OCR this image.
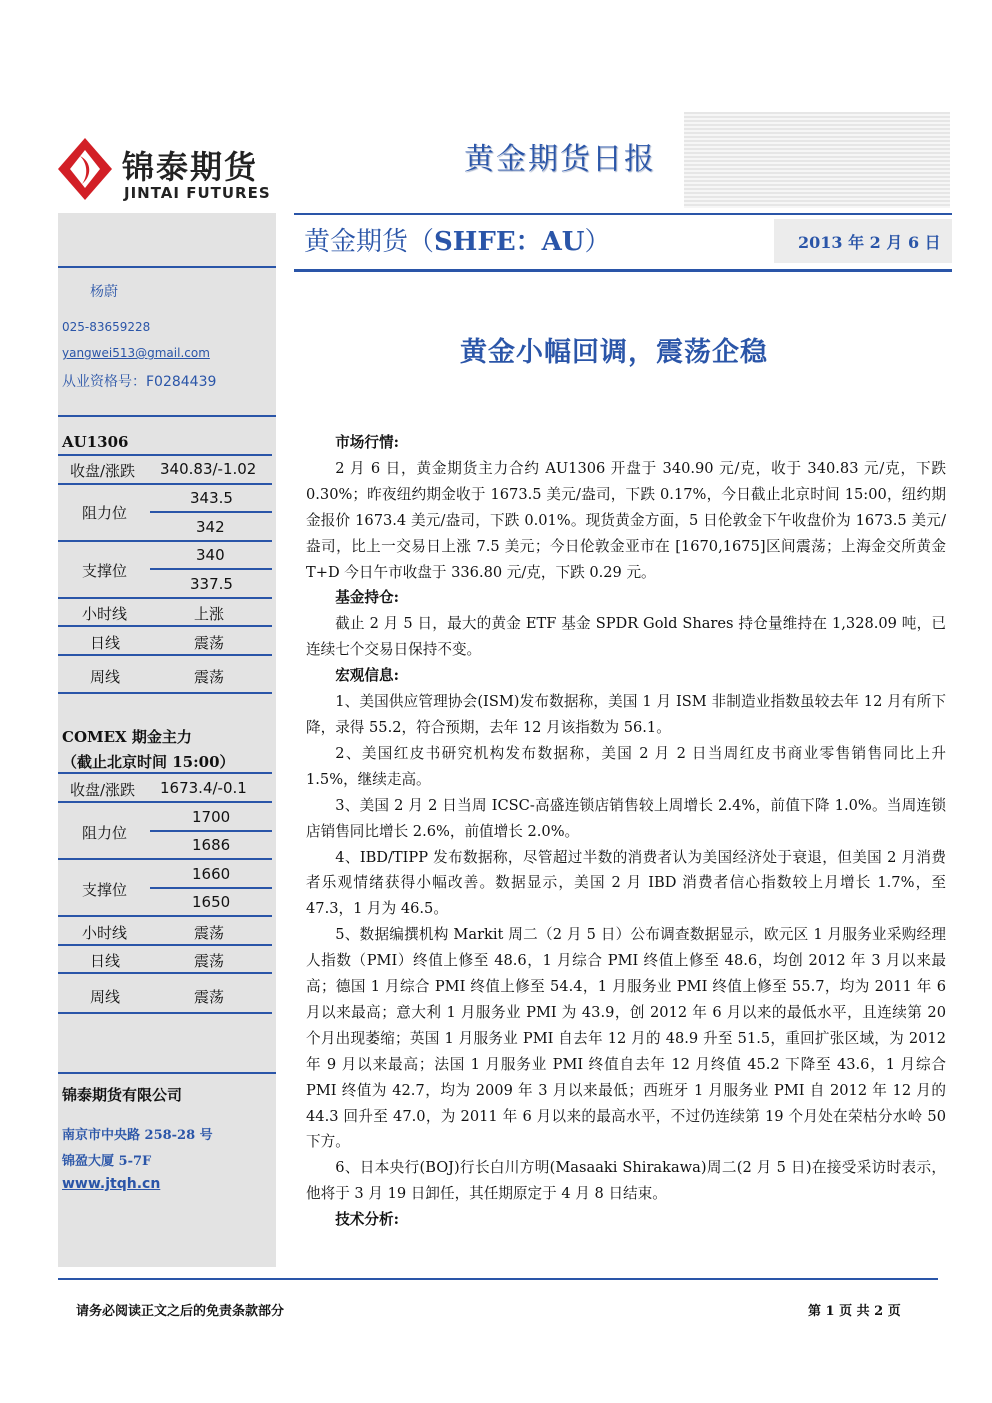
锦泰期货
JINTAI FUTURES
黄金期货日报
杨蔚
025-83659228
yangwei513@gmail.com
从业资格号：F0284439
黄金期货（SHFE：AU）	2013 年 2 月 6 日
黄金小幅回调，震荡企稳
AU1306
收盘/涨跌 340.83/-1.02
阻力位
343.5
342
支撑位
340
337.5
小时线	上涨
日线	震荡
周线	震荡
COMEX 期金主力
（截止北京时间 15:00）
收盘/涨跌 1673.4/-0.1
阻力位
1700
1686
支撑位
1660
1650
小时线	震荡
日线	震荡
周线	震荡
锦泰期货有限公司
南京市中央路 258-28 号
锦盈大厦 5-7F
www.jtqh.cn

市场行情:

2 月 6 日，黄金期货主力合约 AU1306 开盘于 340.90 元/克，收于 340.83 元/克，下跌 0.30%；昨夜纽约期金收于 1673.5 美元/盎司，下跌 0.17%，今日截止北京时间 15:00，纽约期金报价 1673.4 美元/盎司，下跌 0.01%。现货黄金方面，5 日伦敦金下午收盘价为 1673.5 美元/盎司，比上一交易日上涨 7.5 美元；今日伦敦金亚市在 [1670,1675]区间震荡；上海金交所黄金 T+D 今日午市收盘于 336.80 元/克，下跌 0.29 元。

基金持仓:

截止 2 月 5 日，最大的黄金 ETF 基金 SPDR Gold Shares 持仓量维持在 1,328.09 吨，已连续七个交易日保持不变。

宏观信息:

1、美国供应管理协会(ISM)发布数据称，美国 1 月 ISM 非制造业指数虽较去年 12 月有所下降，录得 55.2，符合预期，去年 12 月该指数为 56.1。

2、美国红皮书研究机构发布数据称，美国 2 月 2 日当周红皮书商业零售销售同比上升 1.5%，继续走高。

3、美国 2 月 2 日当周 ICSC-高盛连锁店销售较上周增长 2.4%，前值下降 1.0%。当周连锁店销售同比增长 2.6%，前值增长 2.0%。

4、IBD/TIPP 发布数据称，尽管超过半数的消费者认为美国经济处于衰退，但美国 2 月消费者乐观情绪获得小幅改善。数据显示，美国 2 月 IBD 消费者信心指数较上月增长 1.7%，至 47.3，1 月为 46.5。

5、数据编撰机构 Markit 周二（2 月 5 日）公布调查数据显示，欧元区 1 月服务业采购经理人指数（PMI）终值上修至 48.6，1 月综合 PMI 终值上修至 48.6，均创 2012 年 3 月以来最高；德国 1 月综合 PMI 终值上修至 54.4，1 月服务业 PMI 终值上修至 55.7，均为 2011 年 6 月以来最高；意大利 1 月服务业 PMI 为 43.9，创 2012 年 6 月以来的最低水平，且连续第 20 个月出现萎缩；英国 1 月服务业 PMI 自去年 12 月的 48.9 升至 51.5，重回扩张区域，为 2012 年 9 月以来最高；法国 1 月服务业 PMI 终值自去年 12 月终值 45.2 下降至 43.6，1 月综合 PMI 终值为 42.7，均为 2009 年 3 月以来最低；西班牙 1 月服务业 PMI 自 2012 年 12 月的 44.3 回升至 47.0，为 2011 年 6 月以来的最高水平，不过仍连续第 19 个月处在荣枯分水岭 50 下方。

6、日本央行(BOJ)行长白川方明(Masaaki Shirakawa)周二(2 月 5 日)在接受采访时表示，他将于 3 月 19 日卸任，其任期原定于 4 月 8 日结束。

技术分析:

请务必阅读正文之后的免责条款部分	第 1 页 共 2 页
